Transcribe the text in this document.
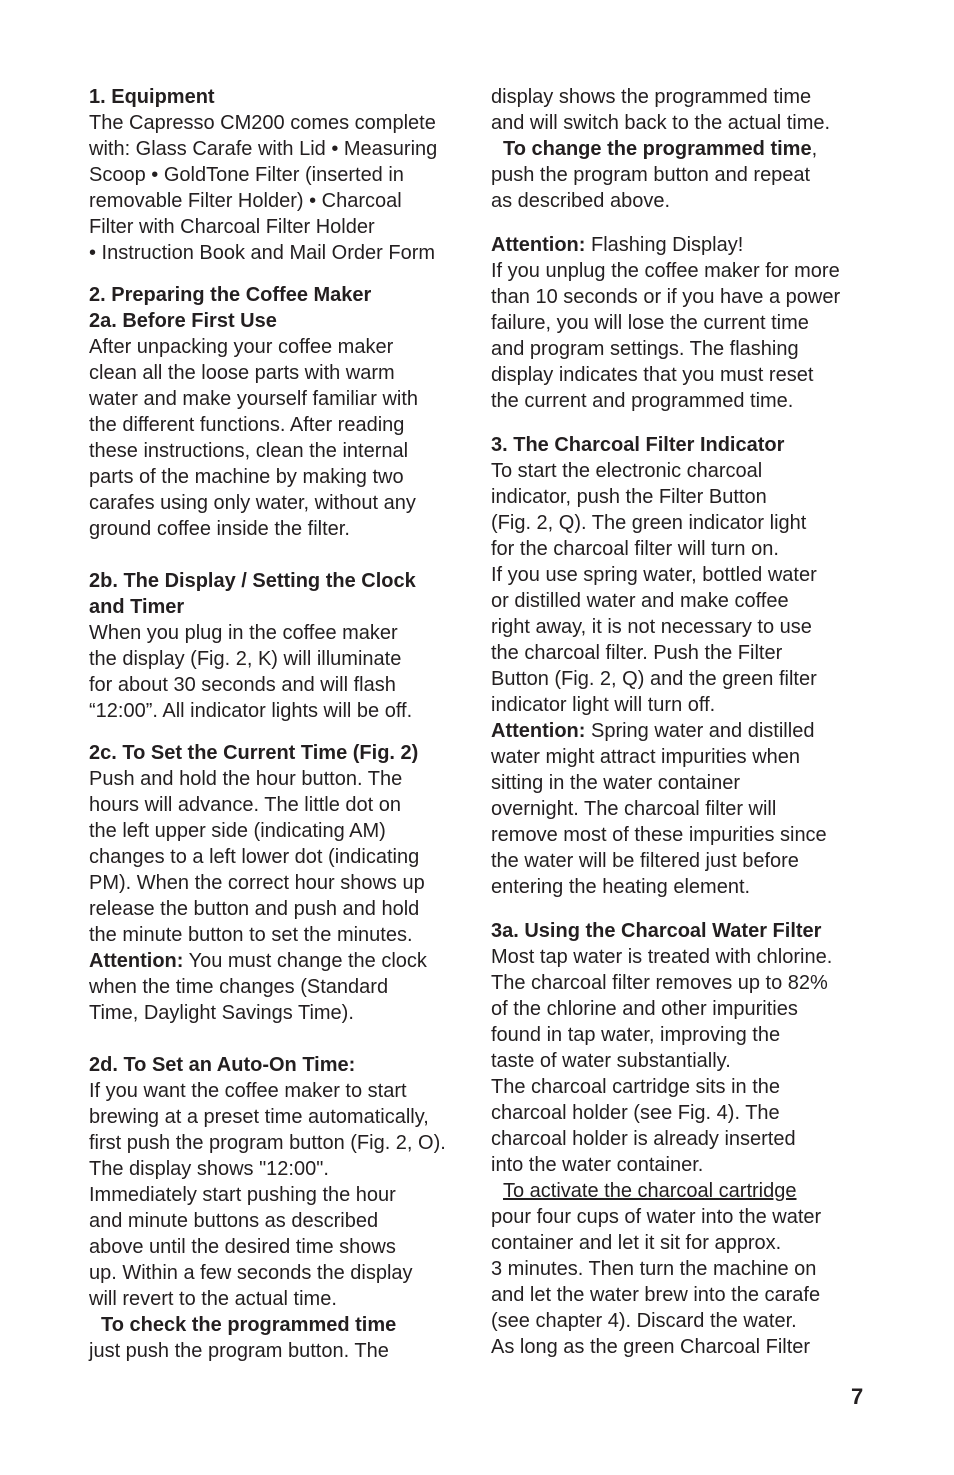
1. Equipment

The Capresso CM200 comes complete
with: Glass Carafe with Lid • Measuring
Scoop • GoldTone Filter (inserted in
removable Filter Holder) • Charcoal
Filter with Charcoal Filter Holder
• Instruction Book and Mail Order Form

2. Preparing the Coffee Maker

2a. Before First Use

After unpacking your coffee maker
clean all the loose parts with warm
water and make yourself familiar with
the different functions. After reading
these instructions, clean the internal
parts of the machine by making two
carafes using only water, without any
ground coffee inside the filter.

2b. The Display / Setting the Clock

and Timer

When you plug in the coffee maker
the display (Fig. 2, K) will illuminate
for about 30 seconds and will flash
“12:00”. All indicator lights will be off.

2c. To Set the Current Time (Fig. 2)

Push and hold the hour button. The
hours will advance. The little dot on
the left upper side (indicating AM)
changes to a left lower dot (indicating
PM). When the correct hour shows up
release the button and push and hold
the minute button to set the minutes.
Attention: You must change the clock
when the time changes (Standard
Time, Daylight Savings Time).

2d. To Set an Auto-On Time:

If you want the coffee maker to start
brewing at a preset time automatically,
first push the program button (Fig. 2, O).
The display shows "12:00".
Immediately start pushing the hour
and minute buttons as described
above until the desired time shows
up. Within a few seconds the display
will revert to the actual time.
To check the programmed time
just push the program button. The
display shows the programmed time
and will switch back to the actual time.
To change the programmed time,
push the program button and repeat
as described above.
Attention: Flashing Display!
If you unplug the coffee maker for more
than 10 seconds or if you have a power
failure, you will lose the current time
and program settings. The flashing
display indicates that you must reset
the current and programmed time.

3. The Charcoal Filter Indicator

To start the electronic charcoal
indicator, push the Filter Button
(Fig. 2, Q). The green indicator light
for the charcoal filter will turn on.
If you use spring water, bottled water
or distilled water and make coffee
right away, it is not necessary to use
the charcoal filter. Push the Filter
Button (Fig. 2, Q) and the green filter
indicator light will turn off.
Attention: Spring water and distilled
water might attract impurities when
sitting in the water container
overnight. The charcoal filter will
remove most of these impurities since
the water will be filtered just before
entering the heating element.

3a. Using the Charcoal Water Filter

Most tap water is treated with chlorine.
The charcoal filter removes up to 82%
of the chlorine and other impurities
found in tap water, improving the
taste of water substantially.
The charcoal cartridge sits in the
charcoal holder (see Fig. 4). The
charcoal holder is already inserted
into the water container.
To activate the charcoal cartridge
pour four cups of water into the water
container and let it sit for approx.
3 minutes. Then turn the machine on
and let the water brew into the carafe
(see chapter 4). Discard the water.
As long as the green Charcoal Filter
7
